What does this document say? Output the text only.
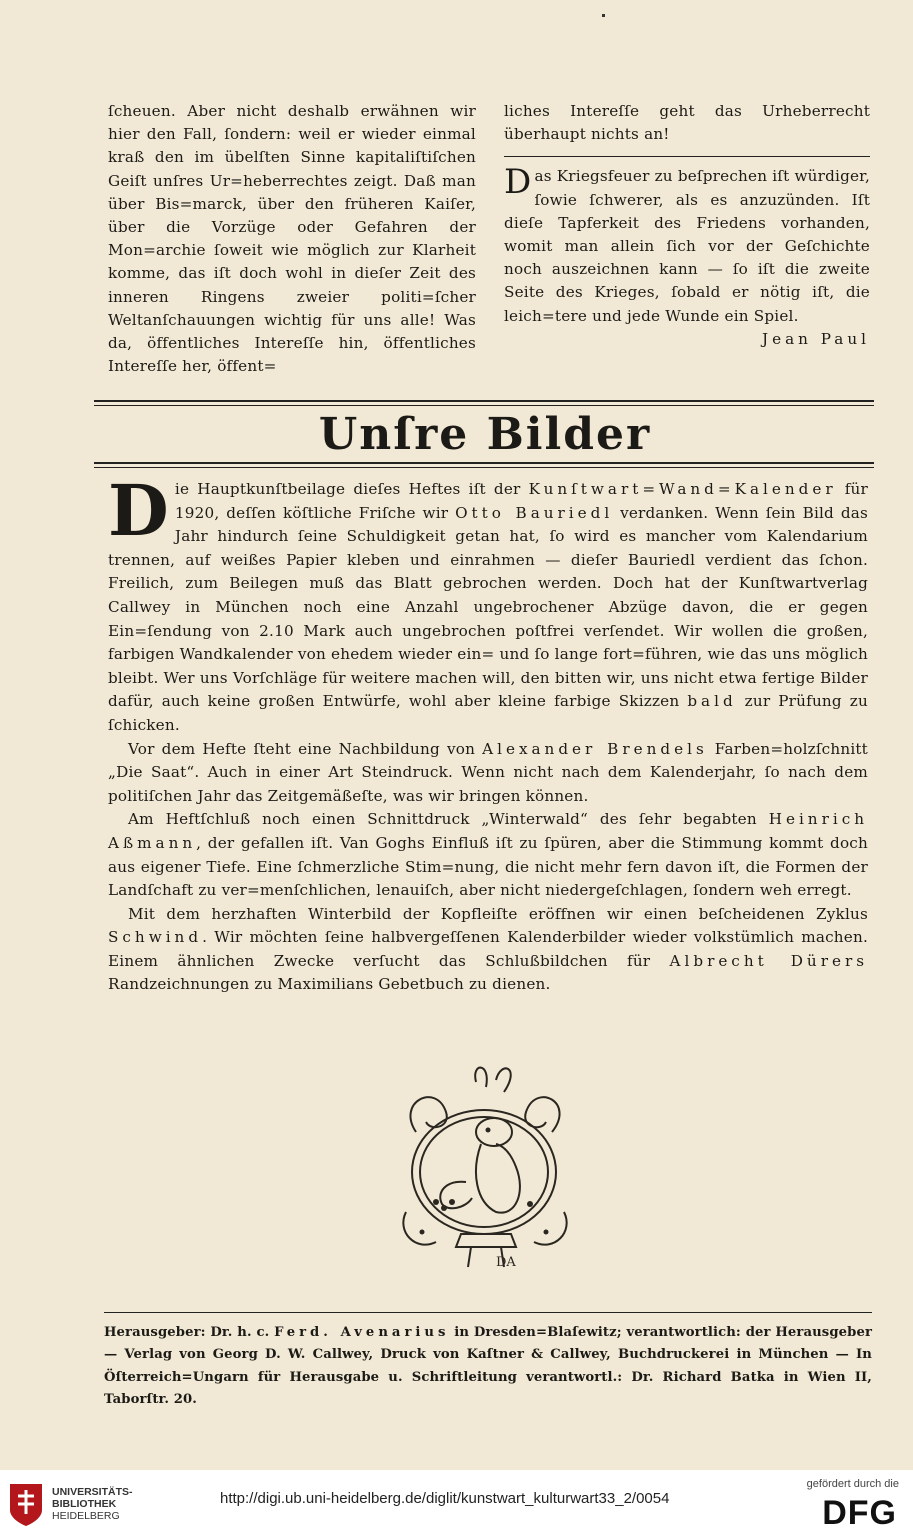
ſcheuen. Aber nicht deshalb erwähnen wir hier den Fall, ſondern: weil er wieder einmal kraß den im übelſten Sinne kapitaliſtiſchen Geiſt unſres Ur=heberrechtes zeigt. Daß man über Bis=marck, über den früheren Kaiſer, über die Vorzüge oder Gefahren der Mon=archie ſoweit wie möglich zur Klarheit komme, das iſt doch wohl in dieſer Zeit des inneren Ringens zweier politi=ſcher Weltanſchauungen wichtig für uns alle! Was da, öffentliches Intereſſe hin, öffentliches Intereſſe her, öffent=

liches Intereſſe geht das Urheberrecht überhaupt nichts an!

Das Kriegsfeuer zu beſprechen iſt würdiger, ſowie ſchwerer, als es anzuzünden. Iſt dieſe Tapferkeit des Friedens vorhanden, womit man allein ſich vor der Geſchichte noch auszeichnen kann — ſo iſt die zweite Seite des Krieges, ſobald er nötig iſt, die leich=tere und jede Wunde ein Spiel.

Jean Paul

Unſre Bilder

Die Hauptkunſtbeilage dieſes Heftes iſt der Kunſtwart=Wand=Kalender für 1920, deſſen köſtliche Friſche wir Otto Bauriedl verdanken. Wenn ſein Bild das Jahr hindurch ſeine Schuldigkeit getan hat, ſo wird es mancher vom Kalendarium trennen, auf weißes Papier kleben und einrahmen — dieſer Bauriedl verdient das ſchon. Freilich, zum Beilegen muß das Blatt gebrochen werden. Doch hat der Kunſtwartverlag Callwey in München noch eine Anzahl ungebrochener Abzüge davon, die er gegen Ein=ſendung von 2.10 Mark auch ungebrochen poſtfrei verſendet. Wir wollen die großen, farbigen Wandkalender von ehedem wieder ein= und ſo lange fort=führen, wie das uns möglich bleibt. Wer uns Vorſchläge für weitere machen will, den bitten wir, uns nicht etwa fertige Bilder dafür, auch keine großen Entwürfe, wohl aber kleine farbige Skizzen bald zur Prüfung zu ſchicken.

Vor dem Hefte ſteht eine Nachbildung von Alexander Brendels Farben=holzſchnitt „Die Saat“. Auch in einer Art Steindruck. Wenn nicht nach dem Kalenderjahr, ſo nach dem politiſchen Jahr das Zeitgemäßeſte, was wir bringen können.

Am Heftſchluß noch einen Schnittdruck „Winterwald“ des ſehr begabten Heinrich Aßmann, der gefallen iſt. Van Goghs Einfluß iſt zu ſpüren, aber die Stimmung kommt doch aus eigener Tiefe. Eine ſchmerzliche Stim=nung, die nicht mehr fern davon iſt, die Formen der Landſchaft zu ver=menſchlichen, lenauiſch, aber nicht niedergeſchlagen, ſondern weh erregt.

Mit dem herzhaften Winterbild der Kopfleiſte eröffnen wir einen beſcheidenen Zyklus Schwind. Wir möchten ſeine halbvergeſſenen Kalenderbilder wieder volkstümlich machen. Einem ähnlichen Zwecke verſucht das Schlußbildchen für Albrecht Dürers Randzeichnungen zu Maximilians Gebetbuch zu dienen.

DA

Herausgeber: Dr. h. c. Ferd. Avenarius in Dresden=Blaſewitz; verantwortlich: der Herausgeber — Verlag von Georg D. W. Callwey, Druck von Kaſtner & Callwey, Buchdruckerei in München — In Öſterreich=Ungarn für Herausgabe u. Schriftleitung verantwortl.: Dr. Richard Batka in Wien II, Taborſtr. 20.

UNIVERSITÄTS-
BIBLIOTHEK
HEIDELBERG
http://digi.ub.uni-heidelberg.de/diglit/kunstwart_kulturwart33_2/0054
gefördert durch die
DFG
